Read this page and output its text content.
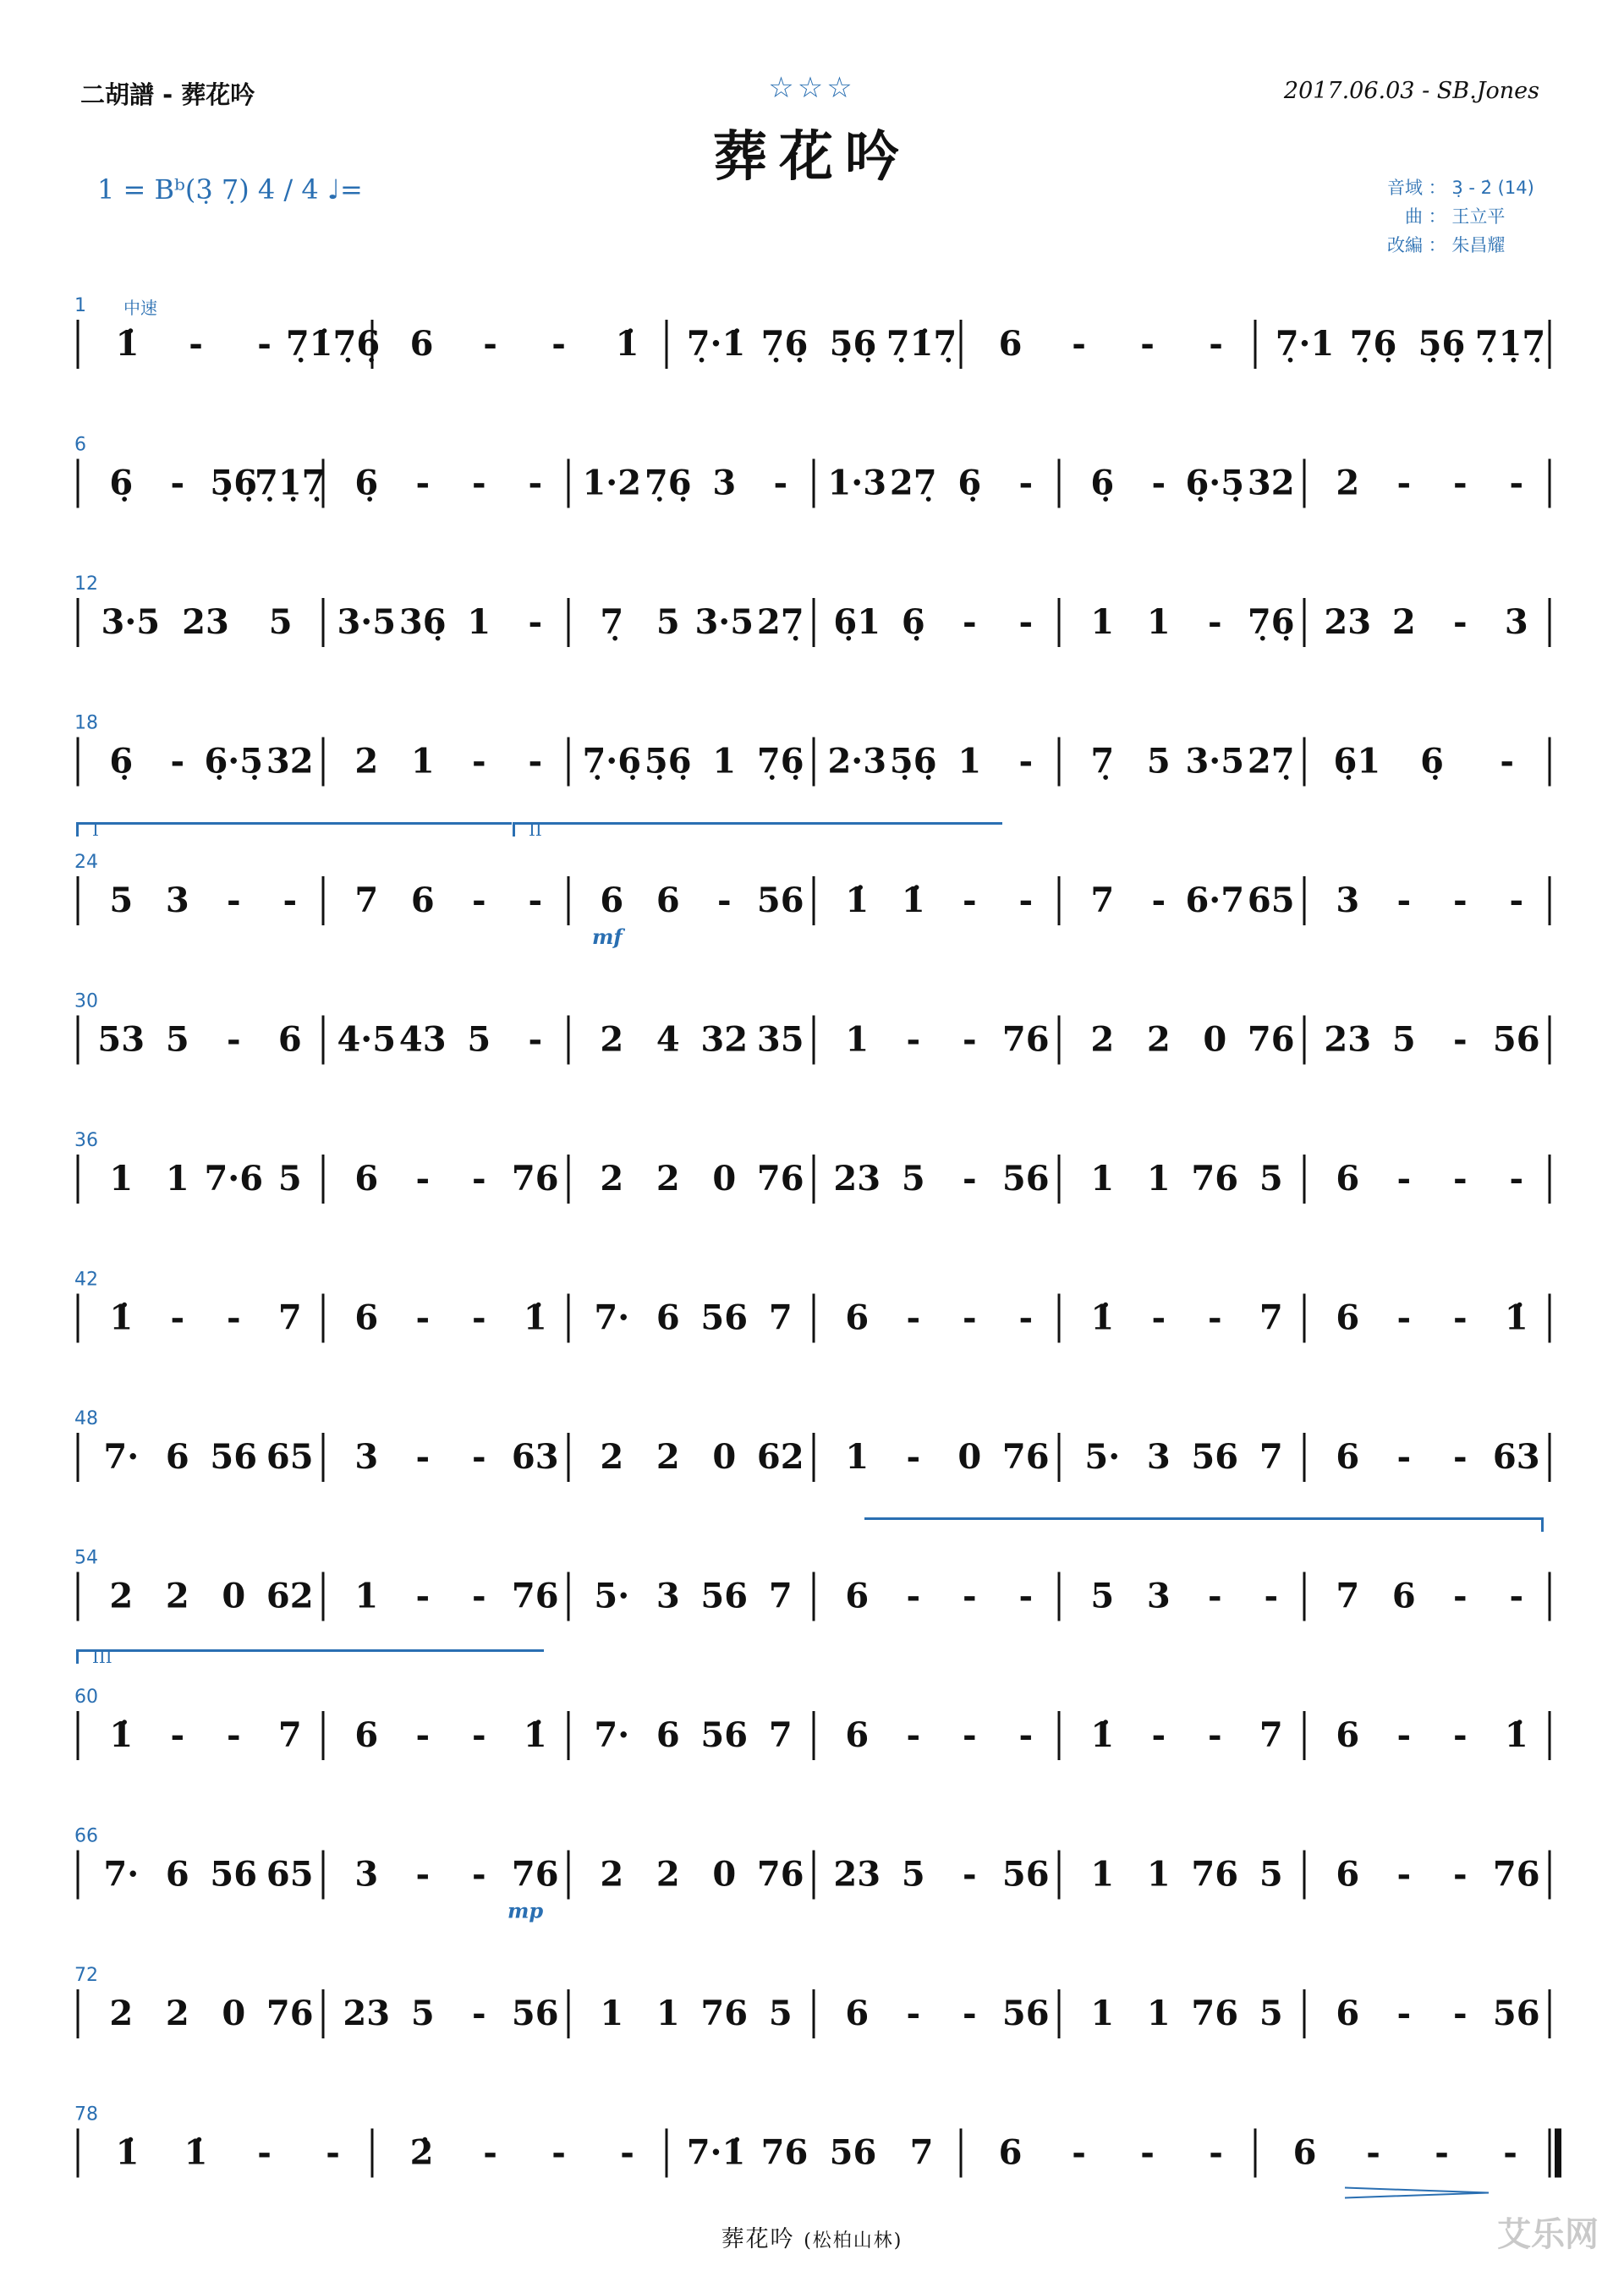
二胡譜 - 葬花吟	☆☆☆
葬花吟
2017.06.03 - SB.Jones
1 = Bᵇ(3̣ 7̣) 4 / 4 ♩=	音域 ： 3̣ - 2̇ (14)
曲 ： 王立平
改編 ： 朱昌耀
中速
I	II
III
1
1̇ - - 7̣1̇7̣6̣ 6 - - 1̇ 7̣·1̇ 7̣6̣ 5̣6̣ 7̣1̇7̣ 6 - - - 7̣·1 7̣6̣ 5̣6̣ 7̣1̣7̣
6
6̣ - 5̣6̣
7̣1̣7̣ 6̣ - - - 1·2 7̣6̣ 3 - 1·3 27̣ 6̣ - 6̣ - 6̣·5̣ 32 2 - - -
12
3·5 23 5 3·5 36̣ 1 - 7̣ 5 3·5 27̣ 6̣1 6̣ - - 1 1 - 7̣6̣ 23 2 - 3
18
6̣ - 6̣·5̣ 32 2 1 - - 7̣·6̣ 5̣6̣ 1 7̣6̣ 2·3 5̣6̣ 1 - 7̣ 5 3·5 27̣ 6̣1 6̣ -
24
5 3 - - 7 6 - - 6 6 - 56 1̇ 1̇ - - 7 - 6·7 65 3 - - -
30
53 5 - 6 4·5 43 5 - 2 4 32 35 1 - - 76 2 2 0 76 23 5 - 56
36
1 1 7·6 5 6 - - 76 2 2 0 76 23 5 - 56 1 1 76 5 6 - - -
42
1̇ - - 7 6 - - 1̇ 7· 6 56 7 6 - - - 1̇ - - 7 6 - - 1̇
48
7· 6 56 65 3 - - 63 2 2 0 62 1 - 0 76 5· 3 56 7 6 - - 63
54
2 2 0 62 1 - - 76 5· 3 56 7 6 - - - 5 3 - - 7 6 - -
60
1̇ - - 7 6 - - 1̇ 7· 6 56 7 6 - - - 1̇ - - 7 6 - - 1̇
66
7· 6 56 65 3 - - 76 2 2 0 76 23 5 - 56 1 1 76 5 6 - - 76
72
2 2 0 76 23 5 - 56 1 1 76 5 6 - - 56 1 1 76 5 6 - - 56
78
1̇ 1̇ - - 2̇ - - - 7·1̇ 76 56 7 6 - - - 6 - - -
mf
mp
葬花吟 (松柏山林)	艾乐网
